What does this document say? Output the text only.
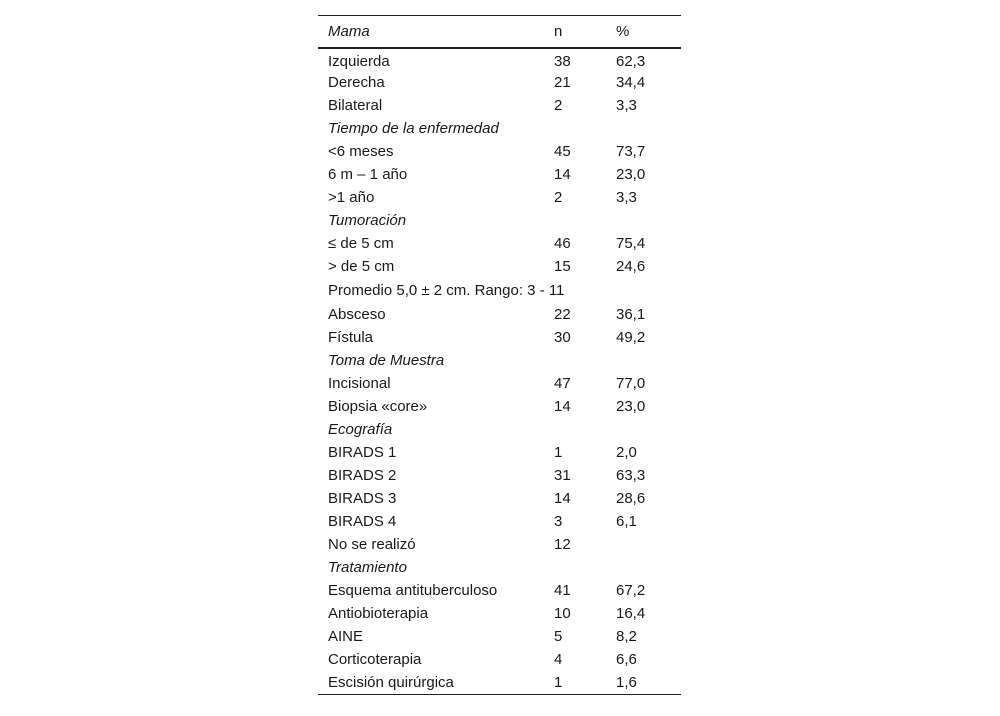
Mama	n	%
Izquierda	38	62,3
Derecha	21	34,4
Bilateral	2	3,3
Tiempo de la enfermedad		
<6 meses	45	73,7
6 m – 1 año	14	23,0
>1 año	2	3,3
Tumoración		
≤ de 5 cm	46	75,4
> de 5 cm	15	24,6
Promedio 5,0 ± 2 cm. Rango: 3 - 11		
Absceso	22	36,1
Fístula	30	49,2
Toma de Muestra		
Incisional	47	77,0
Biopsia «core»	14	23,0
Ecografía		
BIRADS 1	1	2,0
BIRADS 2	31	63,3
BIRADS 3	14	28,6
BIRADS 4	3	6,1
No se realizó	12	
Tratamiento		
Esquema antituberculoso	41	67,2
Antiobioterapia	10	16,4
AINE	5	8,2
Corticoterapia	4	6,6
Escisión quirúrgica	1	1,6
